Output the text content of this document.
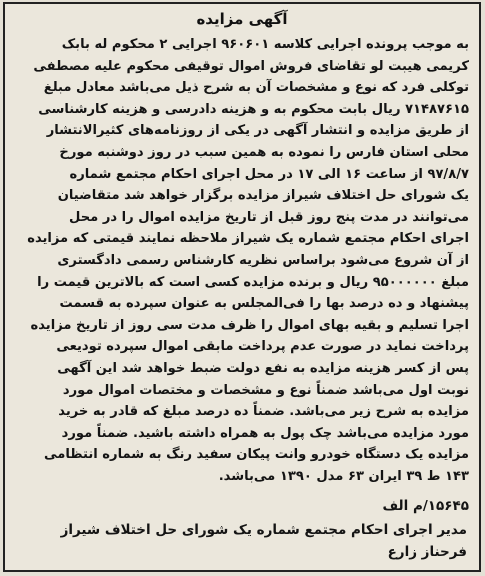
آگهی مزایده
به موجب پرونده اجرایی کلاسه ۹۶۰۶۰۱ اجرایی ۲ محکوم له بابک
کریمی هیبت لو تقاضای فروش اموال توقیفی محکوم علیه مصطفی
توکلی فرد که نوع و مشخصات آن به شرح ذیل می‌باشد معادل مبلغ
۷۱۴۸۷۶۱۵ ریال بابت محکوم به و هزینه دادرسی و هزینه کارشناسی
از طریق مزایده و انتشار آگهی در یکی از روزنامه‌های کثیرالانتشار
محلی استان فارس را نموده به همین سبب در روز دوشنبه مورخ
۹۷/۸/۷ از ساعت ۱۶ الی ۱۷ در محل اجرای احکام مجتمع شماره
یک شورای حل اختلاف شیراز مزایده برگزار خواهد شد متقاضیان
می‌توانند در مدت پنج روز قبل از تاریخ مزایده اموال را در محل
اجرای احکام مجتمع شماره یک شیراز ملاحظه نمایند قیمتی که مزایده
از آن شروع می‌شود براساس نظریه کارشناس رسمی دادگستری
مبلغ ۹۵۰۰۰۰۰۰ ریال و برنده مزایده کسی است که بالاترین قیمت را
پیشنهاد و ده درصد بها را فی‌المجلس به عنوان سپرده به قسمت
اجرا تسلیم و بقیه بهای اموال را ظرف مدت سی روز از تاریخ مزایده
پرداخت نماید در صورت عدم پرداخت مابقی اموال سپرده تودیعی
پس از کسر هزینه مزایده به نفع دولت ضبط خواهد شد این آگهی
نوبت اول می‌باشد ضمناً نوع و مشخصات و مختصات اموال مورد
مزایده به شرح زیر می‌باشد. ضمناً ده درصد مبلغ که قادر به خرید
مورد مزایده می‌باشد چک پول به همراه داشته باشید. ضمناً مورد
مزایده یک دستگاه خودرو وانت پیکان سفید رنگ به شماره انتظامی
۱۴۳ ط ۳۹ ایران ۶۳ مدل ۱۳۹۰ می‌باشد.
۱۵۶۴۵/م الف
مدیر اجرای احکام مجتمع شماره یک شورای حل اختلاف شیراز
فرحناز زارع
